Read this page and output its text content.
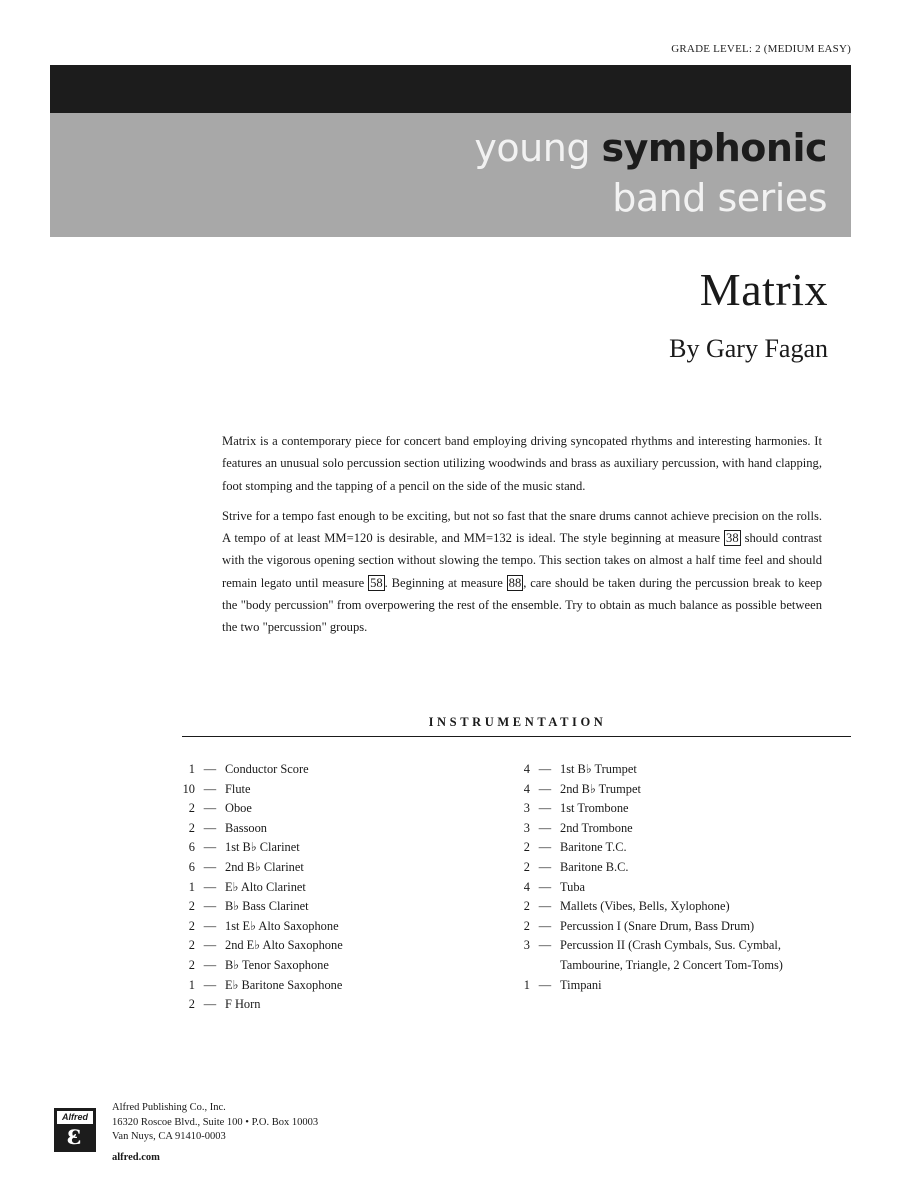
GRADE LEVEL: 2 (MEDIUM EASY)
young symphonic
band series
Matrix
By Gary Fagan

Matrix is a contemporary piece for concert band employing driving syncopated rhythms and interesting harmonies. It features an unusual solo percussion section utilizing woodwinds and brass as auxiliary percussion, with hand clapping, foot stomping and the tapping of a pencil on the side of the music stand.

Strive for a tempo fast enough to be exciting, but not so fast that the snare drums cannot achieve precision on the rolls. A tempo of at least MM=120 is desirable, and MM=132 is ideal. The style beginning at measure 38 should contrast with the vigorous opening section without slowing the tempo. This section takes on almost a half time feel and should remain legato until measure 58 . Beginning at measure 88 , care should be taken during the percussion break to keep the "body percussion" from overpowering the rest of the ensemble. Try to obtain as much balance as possible between the two "percussion" groups.

INSTRUMENTATION
1 — Conductor Score
10 — Flute
2 — Oboe
2 — Bassoon
6 — 1st B♭ Clarinet
6 — 2nd B♭ Clarinet
1 — E♭ Alto Clarinet
2 — B♭ Bass Clarinet
2 — 1st E♭ Alto Saxophone
2 — 2nd E♭ Alto Saxophone
2 — B♭ Tenor Saxophone
1 — E♭ Baritone Saxophone
2 — F Horn
4 — 1st B♭ Trumpet
4 — 2nd B♭ Trumpet
3 — 1st Trombone
3 — 2nd Trombone
2 — Baritone T.C.
2 — Baritone B.C.
4 — Tuba
2 — Mallets (Vibes, Bells, Xylophone)
2 — Percussion I (Snare Drum, Bass Drum)
3 — Percussion II (Crash Cymbals, Sus. Cymbal,
Tambourine, Triangle, 2 Concert Tom-Toms)
1 — Timpani
Alfred
Ꜫ
Alfred Publishing Co., Inc.
16320 Roscoe Blvd., Suite 100 • P.O. Box 10003
Van Nuys, CA 91410-0003
alfred.com
